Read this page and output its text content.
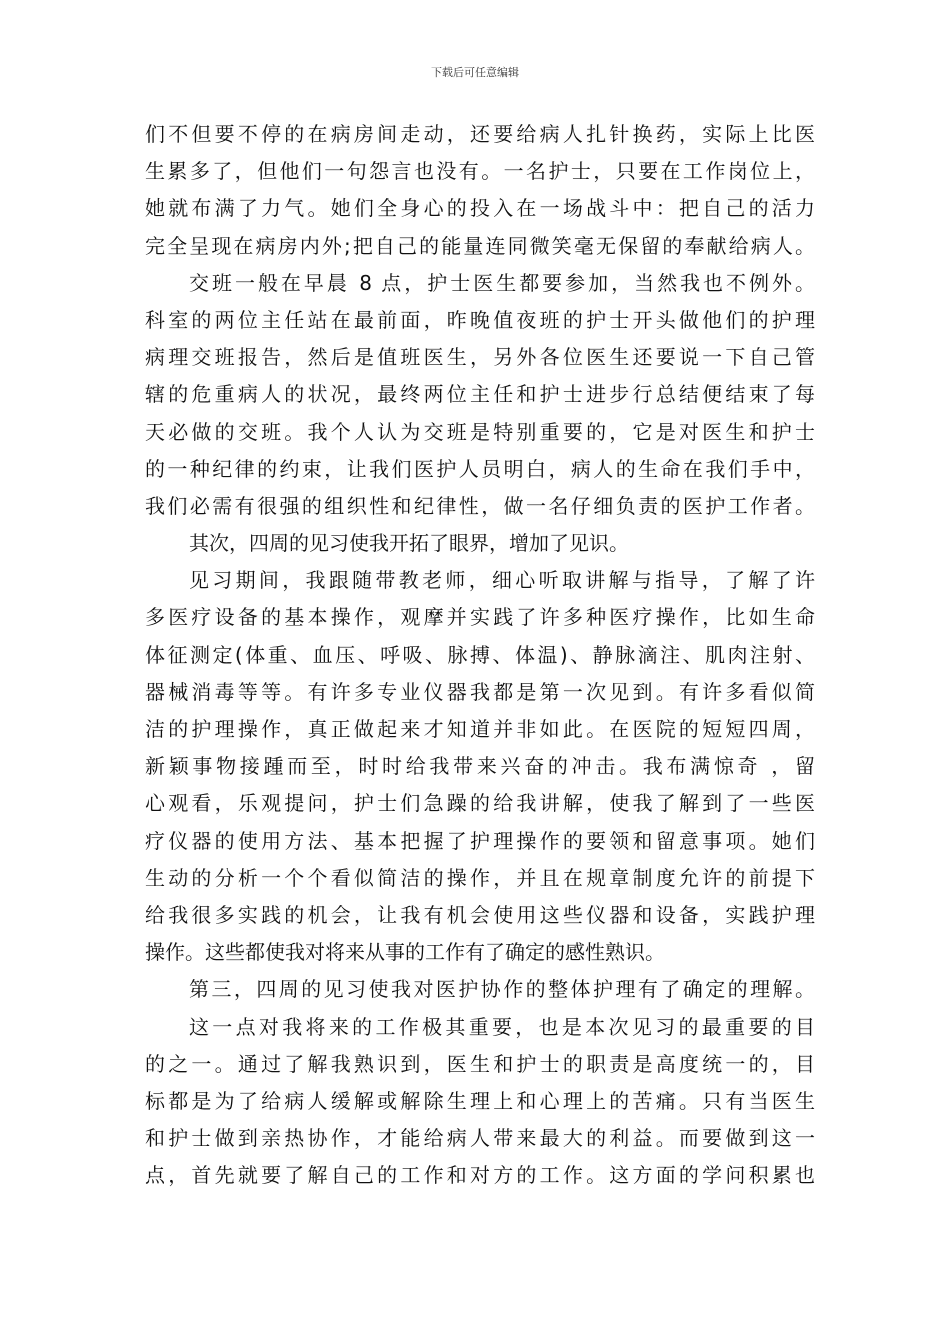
下载后可任意编辑
们不但要不停的在病房间走动，还要给病人扎针换药，实际上比医
生累多了，但他们一句怨言也没有。一名护士，只要在工作岗位上，
她就布满了力气。她们全身心的投入在一场战斗中：把自己的活力
完全呈现在病房内外;把自己的能量连同微笑毫无保留的奉献给病人。
交班一般在早晨 8 点，护士医生都要参加，当然我也不例外。
科室的两位主任站在最前面，昨晚值夜班的护士开头做他们的护理
病理交班报告，然后是值班医生，另外各位医生还要说一下自己管
辖的危重病人的状况，最终两位主任和护士进步行总结便结束了每
天必做的交班。我个人认为交班是特别重要的，它是对医生和护士
的一种纪律的约束，让我们医护人员明白，病人的生命在我们手中，
我们必需有很强的组织性和纪律性，做一名仔细负责的医护工作者。
其次，四周的见习使我开拓了眼界，增加了见识。
见习期间，我跟随带教老师，细心听取讲解与指导，了解了许
多医疗设备的基本操作，观摩并实践了许多种医疗操作，比如生命
体征测定(体重、血压、呼吸、脉搏、体温)、静脉滴注、肌肉注射、
器械消毒等等。有许多专业仪器我都是第一次见到。有许多看似简
洁的护理操作，真正做起来才知道并非如此。在医院的短短四周，
新颖事物接踵而至，时时给我带来兴奋的冲击。我布满惊奇 ，留
心观看，乐观提问，护士们急躁的给我讲解，使我了解到了一些医
疗仪器的使用方法、基本把握了护理操作的要领和留意事项。她们
生动的分析一个个看似简洁的操作，并且在规章制度允许的前提下
给我很多实践的机会，让我有机会使用这些仪器和设备，实践护理
操作。这些都使我对将来从事的工作有了确定的感性熟识。
第三，四周的见习使我对医护协作的整体护理有了确定的理解。
这一点对我将来的工作极其重要，也是本次见习的最重要的目
的之一。通过了解我熟识到，医生和护士的职责是高度统一的，目
标都是为了给病人缓解或解除生理上和心理上的苦痛。只有当医生
和护士做到亲热协作，才能给病人带来最大的利益。而要做到这一
点，首先就要了解自己的工作和对方的工作。这方面的学问积累也
